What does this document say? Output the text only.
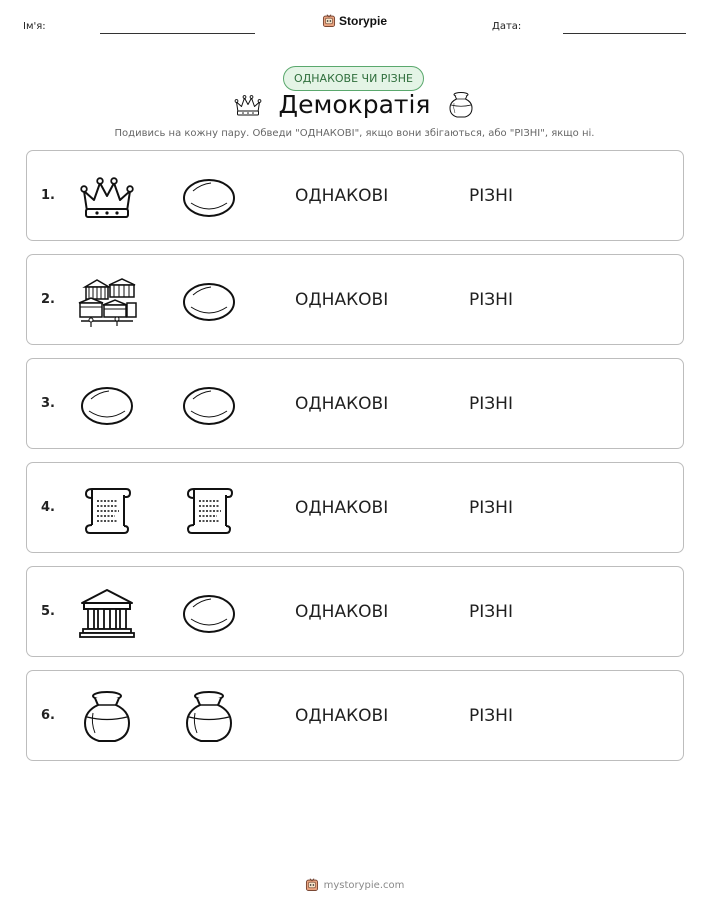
Ім'я:	Storypie	Дата:
ОДНАКОВЕ ЧИ РІЗНЕ
Демократія
Подивись на кожну пару. Обведи "ОДНАКОВІ", якщо вони збігаються, або "РІЗНІ", якщо ні.
1.	ОДНАКОВІ	РІЗНІ
2.	ОДНАКОВІ	РІЗНІ
3.	ОДНАКОВІ	РІЗНІ
4.	ОДНАКОВІ	РІЗНІ
5.	ОДНАКОВІ	РІЗНІ
6.	ОДНАКОВІ	РІЗНІ
mystorypie.com
